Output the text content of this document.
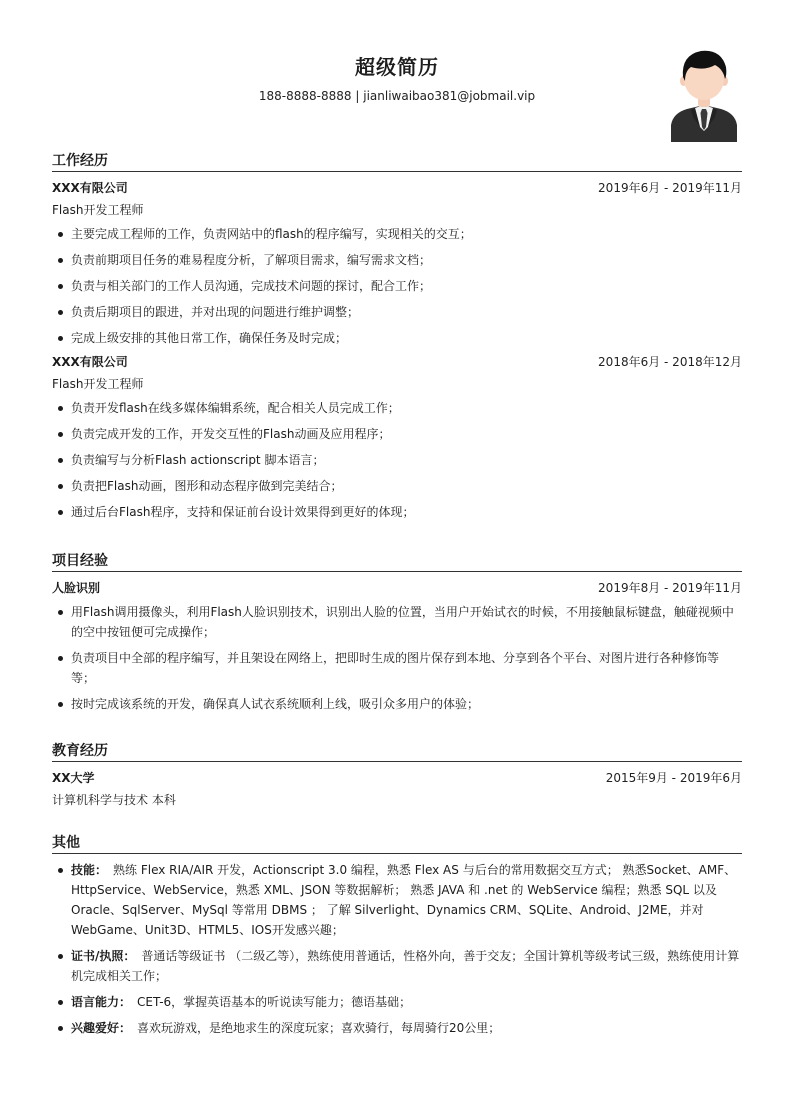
超级简历
188-8888-8888 | jianliwaibao381@jobmail.vip
工作经历
XXX有限公司	2019年6月 - 2019年11月
Flash开发工程师
主要完成工程师的工作，负责网站中的flash的程序编写，实现相关的交互；
负责前期项目任务的难易程度分析，了解项目需求，编写需求文档；
负责与相关部门的工作人员沟通，完成技术问题的探讨，配合工作；
负责后期项目的跟进，并对出现的问题进行维护调整；
完成上级安排的其他日常工作，确保任务及时完成；
XXX有限公司	2018年6月 - 2018年12月
Flash开发工程师
负责开发flash在线多媒体编辑系统，配合相关人员完成工作；
负责完成开发的工作，开发交互性的Flash动画及应用程序；
负责编写与分析Flash actionscript 脚本语言；
负责把Flash动画，图形和动态程序做到完美结合；
通过后台Flash程序，支持和保证前台设计效果得到更好的体现；
项目经验
人脸识别	2019年8月 - 2019年11月
用Flash调用摄像头，利用Flash人脸识别技术，识别出人脸的位置，当用户开始试衣的时候，不用接触鼠标键盘，触碰视频中的空中按钮便可完成操作；
负责项目中全部的程序编写，并且架设在网络上，把即时生成的图片保存到本地、分享到各个平台、对图片进行各种修饰等等；
按时完成该系统的开发，确保真人试衣系统顺利上线，吸引众多用户的体验；
教育经历
XX大学	2015年9月 - 2019年6月
计算机科学与技术 本科
其他
技能： 熟练 Flex RIA/AIR 开发，Actionscript 3.0 编程，熟悉 Flex AS 与后台的常用数据交互方式； 熟悉Socket、AMF、HttpService、WebService，熟悉 XML、JSON 等数据解析； 熟悉 JAVA 和 .net 的 WebService 编程；熟悉 SQL 以及Oracle、SqlServer、MySql 等常用 DBMS ； 了解 Silverlight、Dynamics CRM、SQLite、Android、J2ME，并对WebGame、Unit3D、HTML5、IOS开发感兴趣；
证书/执照： 普通话等级证书 （二级乙等），熟练使用普通话，性格外向，善于交友；全国计算机等级考试三级，熟练使用计算机完成相关工作；
语言能力： CET-6，掌握英语基本的听说读写能力；德语基础；
兴趣爱好： 喜欢玩游戏，是绝地求生的深度玩家；喜欢骑行，每周骑行20公里；
